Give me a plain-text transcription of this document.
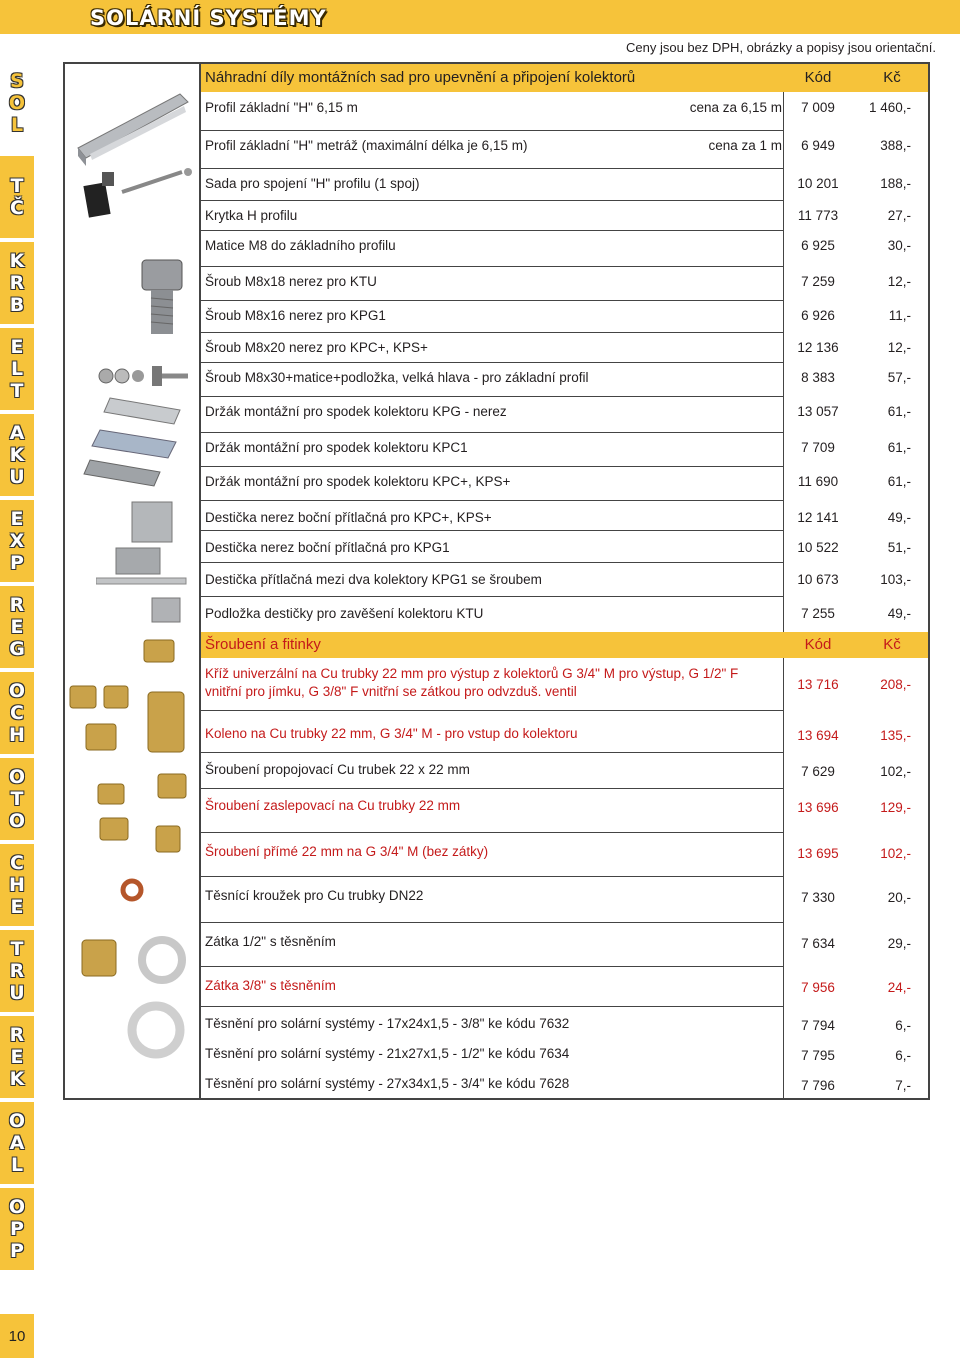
SOLÁRNÍ SYSTÉMY
Ceny jsou bez DPH, obrázky a popisy jsou orientační.
S
O
L
T
Č
K
R
B
E
L
T
A
K
U
E
X
P
R
E
G
O
C
H
O
T
O
C
H
E
T
R
U
R
E
K
O
A
L
O
P
P
10
Náhradní díly montážních sad pro upevnění a připojení kolektorů	Kód	Kč
Šroubení a fitinky	Kód	Kč
Profil základní "H" 6,15 m	cena za 6,15 m	7 009	1 460,-
Profil základní "H" metráž (maximální délka je 6,15 m)	cena za 1 m	6 949	388,-
Sada pro spojení "H" profilu (1 spoj)	10 201	188,-
Krytka H profilu	11 773	27,-
Matice M8 do základního profilu	6 925	30,-
Šroub M8x18 nerez pro KTU	7 259	12,-
Šroub M8x16 nerez pro KPG1	6 926	11,-
Šroub M8x20 nerez pro KPC+, KPS+	12 136	12,-
Šroub M8x30+matice+podložka, velká hlava - pro základní profil	8 383	57,-
Držák montážní pro spodek kolektoru KPG - nerez	13 057	61,-
Držák montážní pro spodek kolektoru KPC1	7 709	61,-
Držák montážní pro spodek kolektoru KPC+, KPS+	11 690	61,-
Destička nerez boční přítlačná pro KPC+, KPS+	12 141	49,-
Destička nerez boční přítlačná pro KPG1	10 522	51,-
Destička přítlačná mezi dva kolektory KPG1 se šroubem	10 673	103,-
Podložka destičky pro zavěšení kolektoru KTU	7 255	49,-
Kříž univerzální na Cu trubky 22 mm pro výstup z kolektorů G 3/4" M pro výstup, G 1/2" F
vnitřní pro jímku, G 3/8" F vnitřní se zátkou pro odvzduš. ventil	13 716	208,-
Koleno na Cu trubky 22 mm, G 3/4" M - pro vstup do kolektoru	13 694	135,-
Šroubení propojovací Cu trubek 22 x 22 mm	7 629	102,-
Šroubení zaslepovací na Cu trubky 22 mm	13 696	129,-
Šroubení přímé 22 mm na G 3/4" M (bez zátky)	13 695	102,-
Těsnící kroužek pro Cu trubky DN22	7 330	20,-
Zátka 1/2" s těsněním	7 634	29,-
Zátka 3/8" s těsněním	7 956	24,-
Těsnění pro solární systémy - 17x24x1,5 - 3/8" ke kódu 7632	7 794	6,-
Těsnění pro solární systémy - 21x27x1,5 - 1/2" ke kódu 7634	7 795	6,-
Těsnění pro solární systémy - 27x34x1,5 - 3/4" ke kódu 7628	7 796	7,-
